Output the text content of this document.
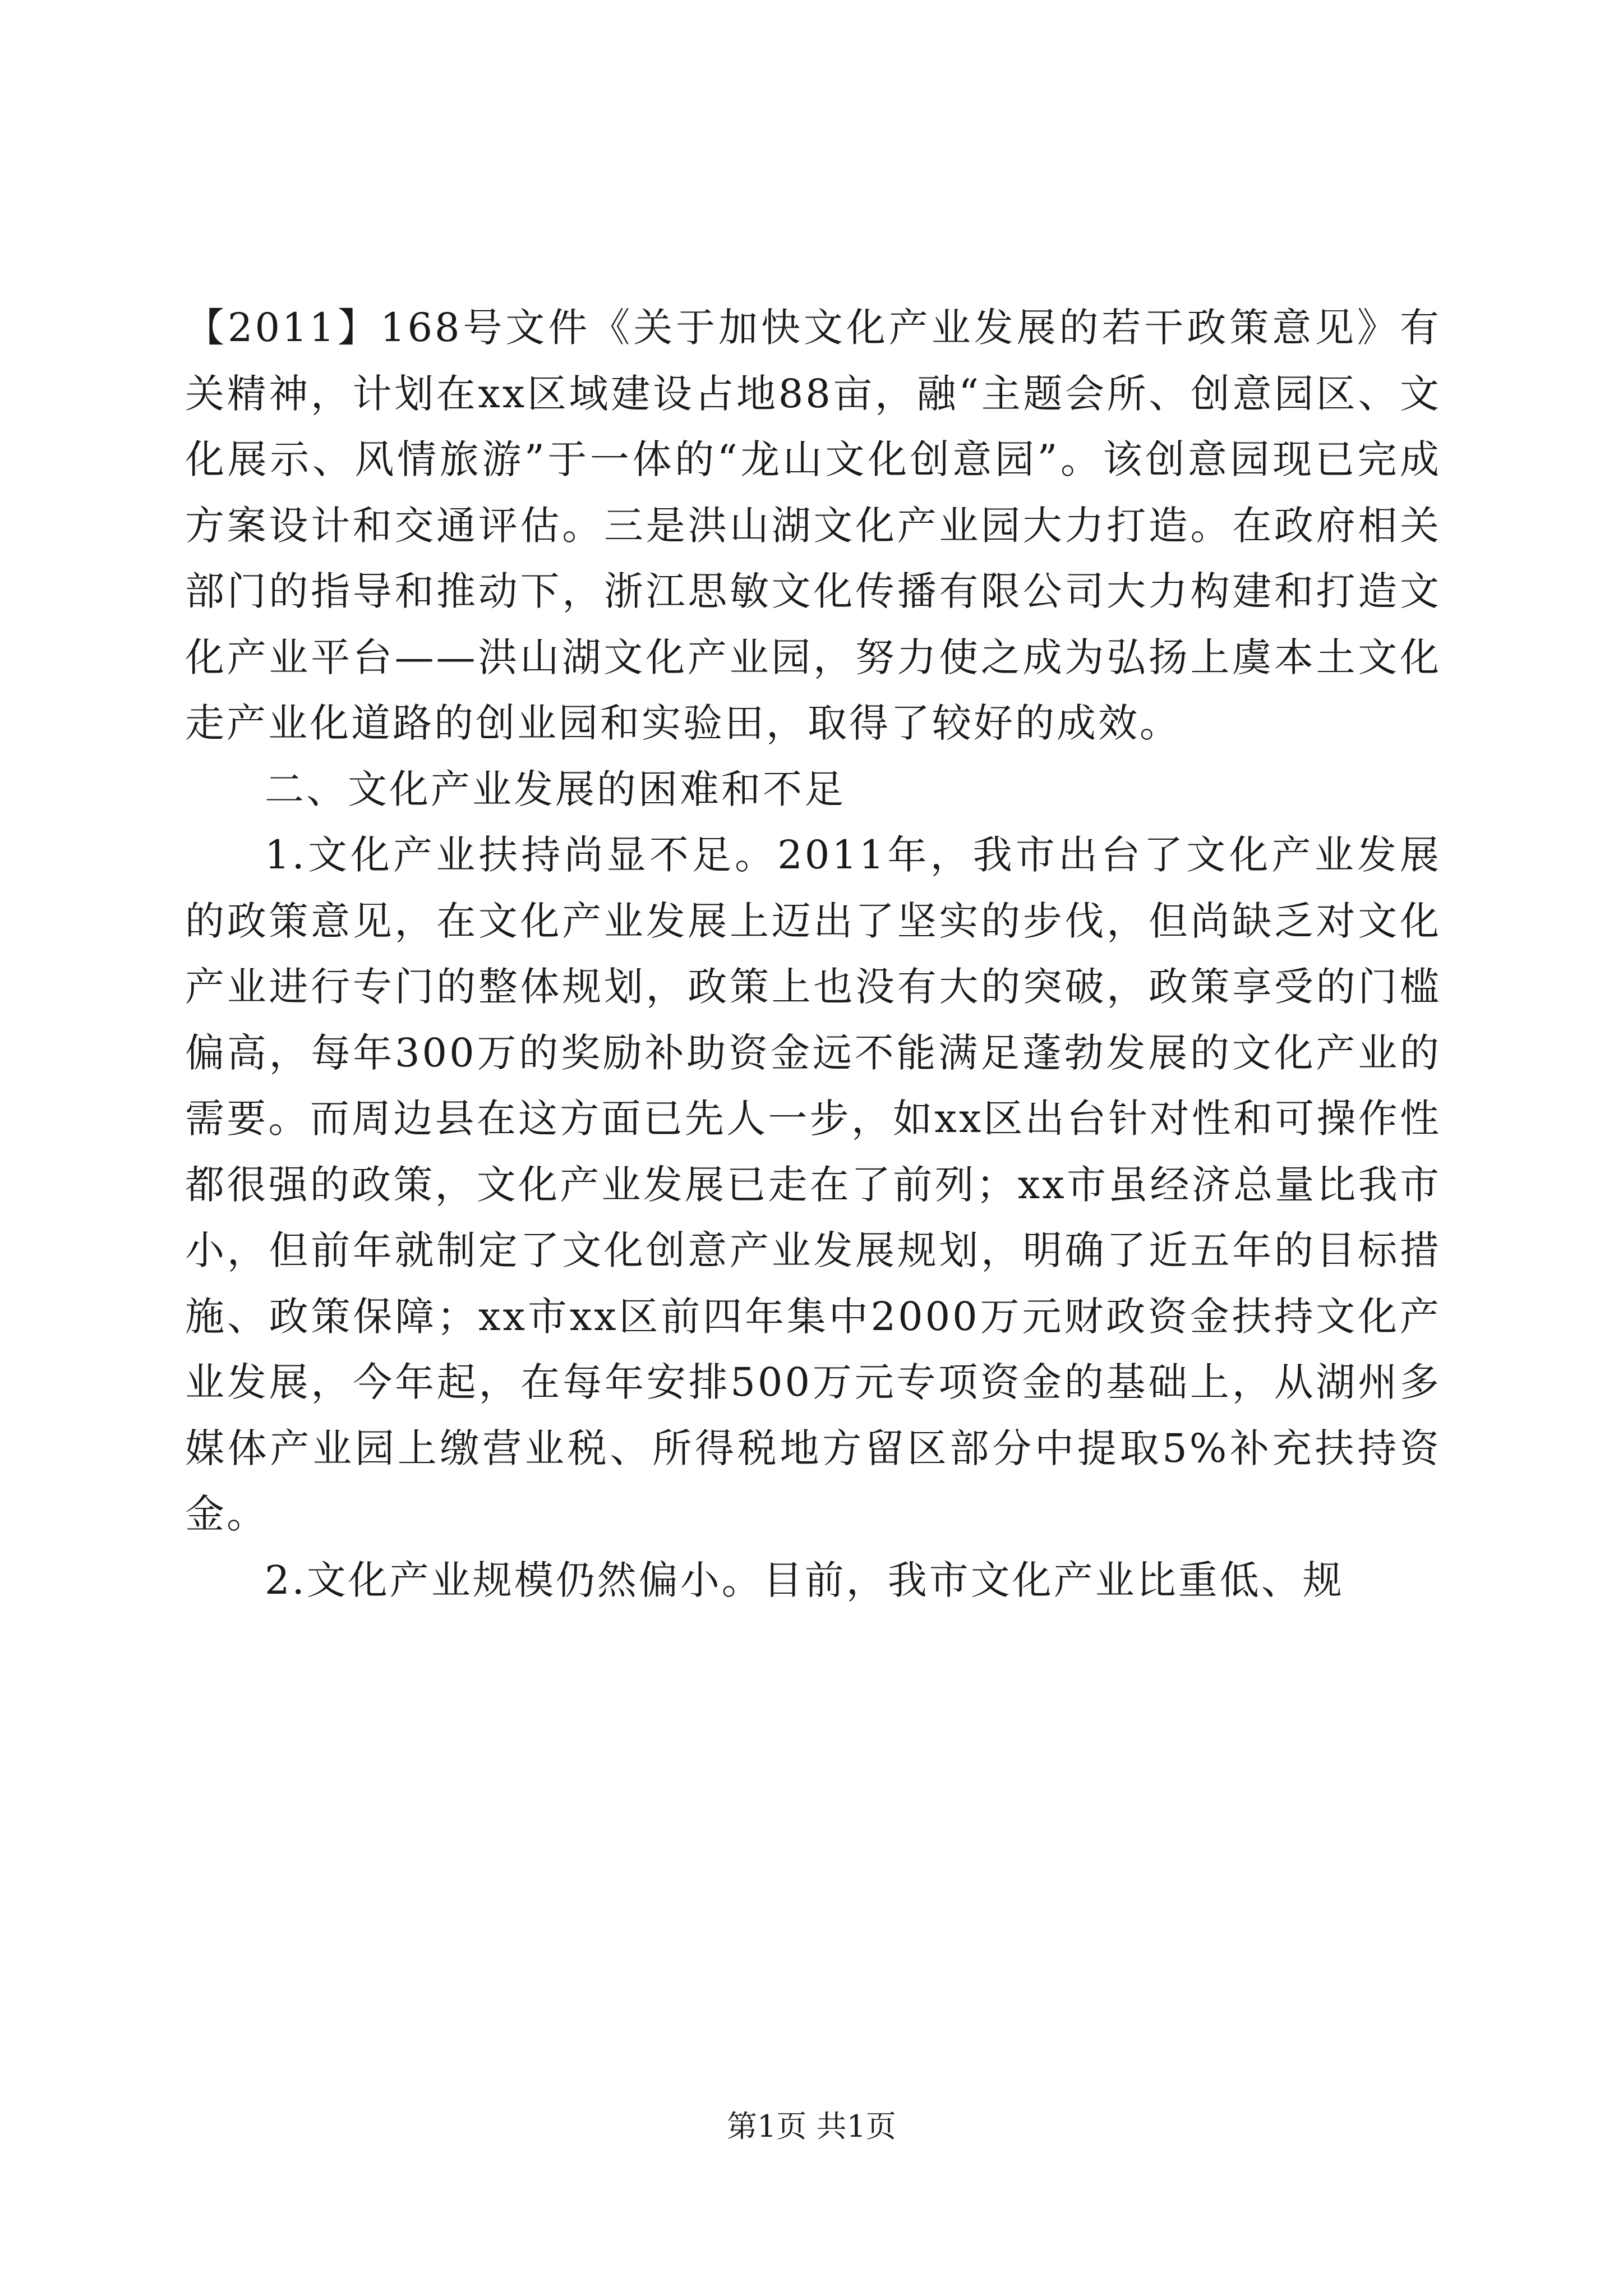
【2011】168号文件《关于加快文化产业发展的若干政策意见》有关精神，计划在xx区域建设占地88亩，融“主题会所、创意园区、文化展示、风情旅游”于一体的“龙山文化创意园”。该创意园现已完成方案设计和交通评估。三是洪山湖文化产业园大力打造。在政府相关部门的指导和推动下，浙江思敏文化传播有限公司大力构建和打造文化产业平台——洪山湖文化产业园，努力使之成为弘扬上虞本土文化走产业化道路的创业园和实验田，取得了较好的成效。

二、文化产业发展的困难和不足

1.文化产业扶持尚显不足。2011年，我市出台了文化产业发展的政策意见，在文化产业发展上迈出了坚实的步伐，但尚缺乏对文化产业进行专门的整体规划，政策上也没有大的突破，政策享受的门槛偏高，每年300万的奖励补助资金远不能满足蓬勃发展的文化产业的需要。而周边县在这方面已先人一步，如xx区出台针对性和可操作性都很强的政策，文化产业发展已走在了前列；xx市虽经济总量比我市小，但前年就制定了文化创意产业发展规划，明确了近五年的目标措施、政策保障；xx市xx区前四年集中2000万元财政资金扶持文化产业发展，今年起，在每年安排500万元专项资金的基础上，从湖州多媒体产业园上缴营业税、所得税地方留区部分中提取5%补充扶持资金。

2.文化产业规模仍然偏小。目前，我市文化产业比重低、规

第1页 共1页
